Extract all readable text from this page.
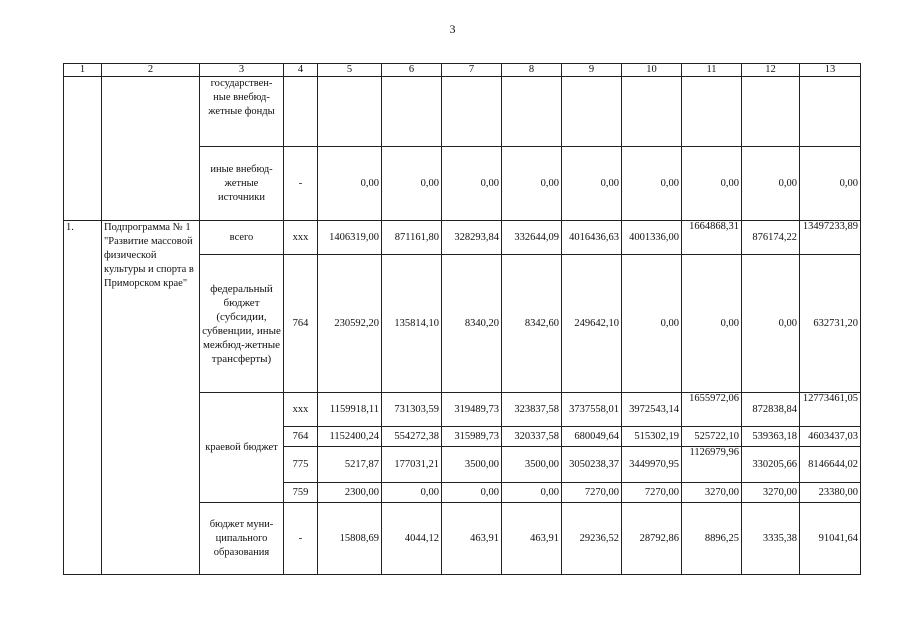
3
1	2	3	4	5	6	7	8	9	10	11	12	13
		государствен-ные внебюд-жетные фонды										
		иные внебюд-жетные источники	-	0,00	0,00	0,00	0,00	0,00	0,00	0,00	0,00	0,00
1.	Подпрограмма № 1 "Развитие массовой физической культуры и спорта в Приморском крае"	всего	ххх	1406319,00	871161,80	328293,84	332644,09	4016436,63	4001336,00	1664868,31	876174,22	13497233,89
		федеральный бюджет (субсидии, субвенции, иные межбюд-жетные трансферты)	764	230592,20	135814,10	8340,20	8342,60	249642,10	0,00	0,00	0,00	632731,20
		краевой бюджет	ххх	1159918,11	731303,59	319489,73	323837,58	3737558,01	3972543,14	1655972,06	872838,84	12773461,05
			764	1152400,24	554272,38	315989,73	320337,58	680049,64	515302,19	525722,10	539363,18	4603437,03
			775	5217,87	177031,21	3500,00	3500,00	3050238,37	3449970,95	1126979,96	330205,66	8146644,02
			759	2300,00	0,00	0,00	0,00	7270,00	7270,00	3270,00	3270,00	23380,00
		бюджет муни-ципального образования	-	15808,69	4044,12	463,91	463,91	29236,52	28792,86	8896,25	3335,38	91041,64
